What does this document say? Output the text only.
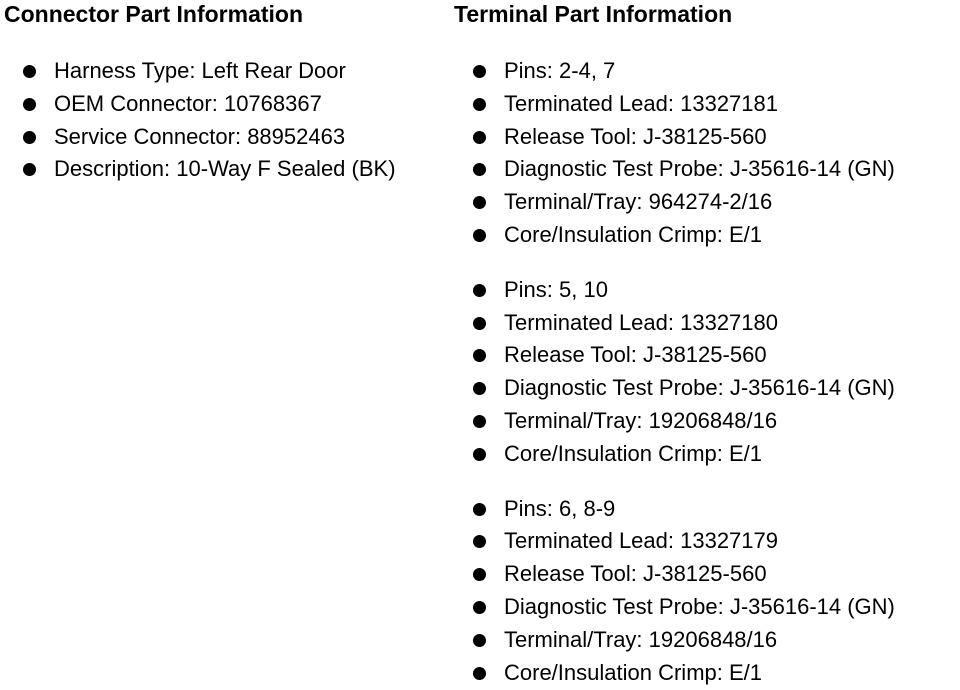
Connector Part Information
Harness Type: Left Rear Door
OEM Connector: 10768367
Service Connector: 88952463
Description: 10-Way F Sealed (BK)
Terminal Part Information
Pins: 2-4, 7
Terminated Lead: 13327181
Release Tool: J-38125-560
Diagnostic Test Probe: J-35616-14 (GN)
Terminal/Tray: 964274-2/16
Core/Insulation Crimp: E/1
Pins: 5, 10
Terminated Lead: 13327180
Release Tool: J-38125-560
Diagnostic Test Probe: J-35616-14 (GN)
Terminal/Tray: 19206848/16
Core/Insulation Crimp: E/1
Pins: 6, 8-9
Terminated Lead: 13327179
Release Tool: J-38125-560
Diagnostic Test Probe: J-35616-14 (GN)
Terminal/Tray: 19206848/16
Core/Insulation Crimp: E/1
